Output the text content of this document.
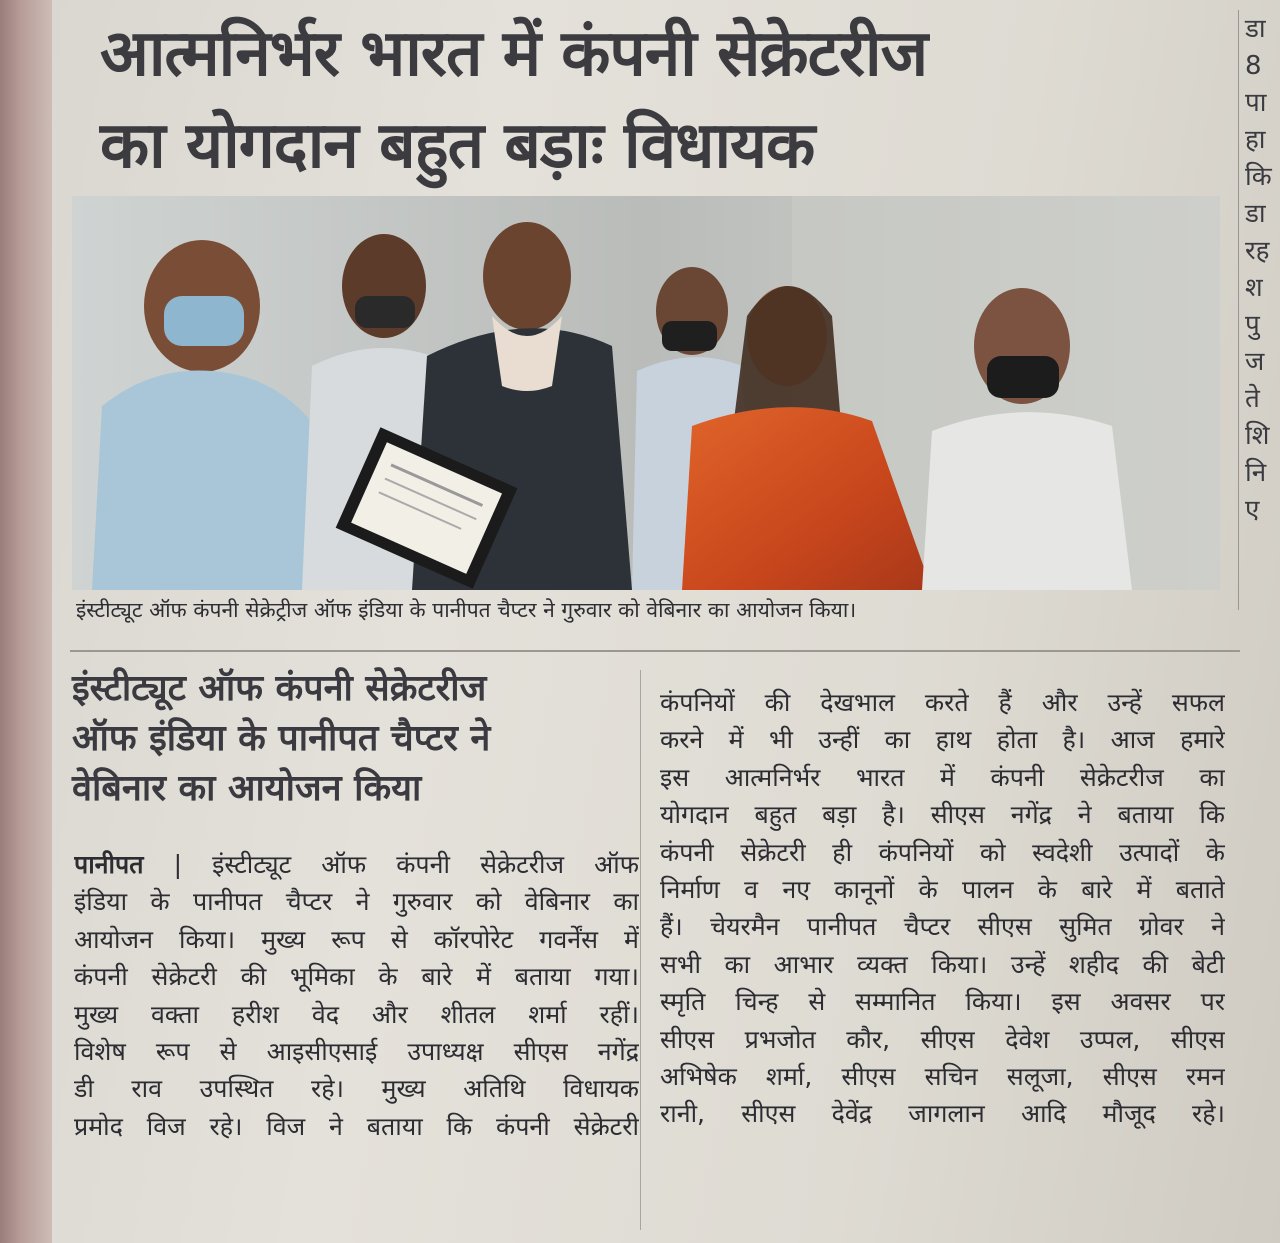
आत्मनिर्भर भारत में कंपनी सेक्रेटरीज
का योगदान बहुत बड़ाः विधायक
डा
8
पा
हा
कि
डा
रह
श
पु
ज
ते
शि
नि
ए
इंस्टीट्यूट ऑफ कंपनी सेक्रेट्रीज ऑफ इंडिया के पानीपत चैप्टर ने गुरुवार को वेबिनार का आयोजन किया।
इंस्टीट्यूट ऑफ कंपनी सेक्रेटरीज
ऑफ इंडिया के पानीपत चैप्टर ने
वेबिनार का आयोजन किया
पानीपत | इंस्टीट्यूट ऑफ कंपनी सेक्रेटरीज ऑफ
इंडिया के पानीपत चैप्टर ने गुरुवार को वेबिनार का
आयोजन किया। मुख्य रूप से कॉरपोरेट गवर्नेंस में
कंपनी सेक्रेटरी की भूमिका के बारे में बताया गया।
मुख्य वक्ता हरीश वेद और शीतल शर्मा रहीं।
विशेष रूप से आइसीएसाई उपाध्यक्ष सीएस नगेंद्र
डी राव उपस्थित रहे। मुख्य अतिथि विधायक
प्रमोद विज रहे। विज ने बताया कि कंपनी सेक्रेटरी
कंपनियों की देखभाल करते हैं और उन्हें सफल
करने में भी उन्हीं का हाथ होता है। आज हमारे
इस आत्मनिर्भर भारत में कंपनी सेक्रेटरीज का
योगदान बहुत बड़ा है। सीएस नगेंद्र ने बताया कि
कंपनी सेक्रेटरी ही कंपनियों को स्वदेशी उत्पादों के
निर्माण व नए कानूनों के पालन के बारे में बताते
हैं। चेयरमैन पानीपत चैप्टर सीएस सुमित ग्रोवर ने
सभी का आभार व्यक्त किया। उन्हें शहीद की बेटी
स्मृति चिन्ह से सम्मानित किया। इस अवसर पर
सीएस प्रभजोत कौर, सीएस देवेश उप्पल, सीएस
अभिषेक शर्मा, सीएस सचिन सलूजा, सीएस रमन
रानी, सीएस देवेंद्र जागलान आदि मौजूद रहे।
